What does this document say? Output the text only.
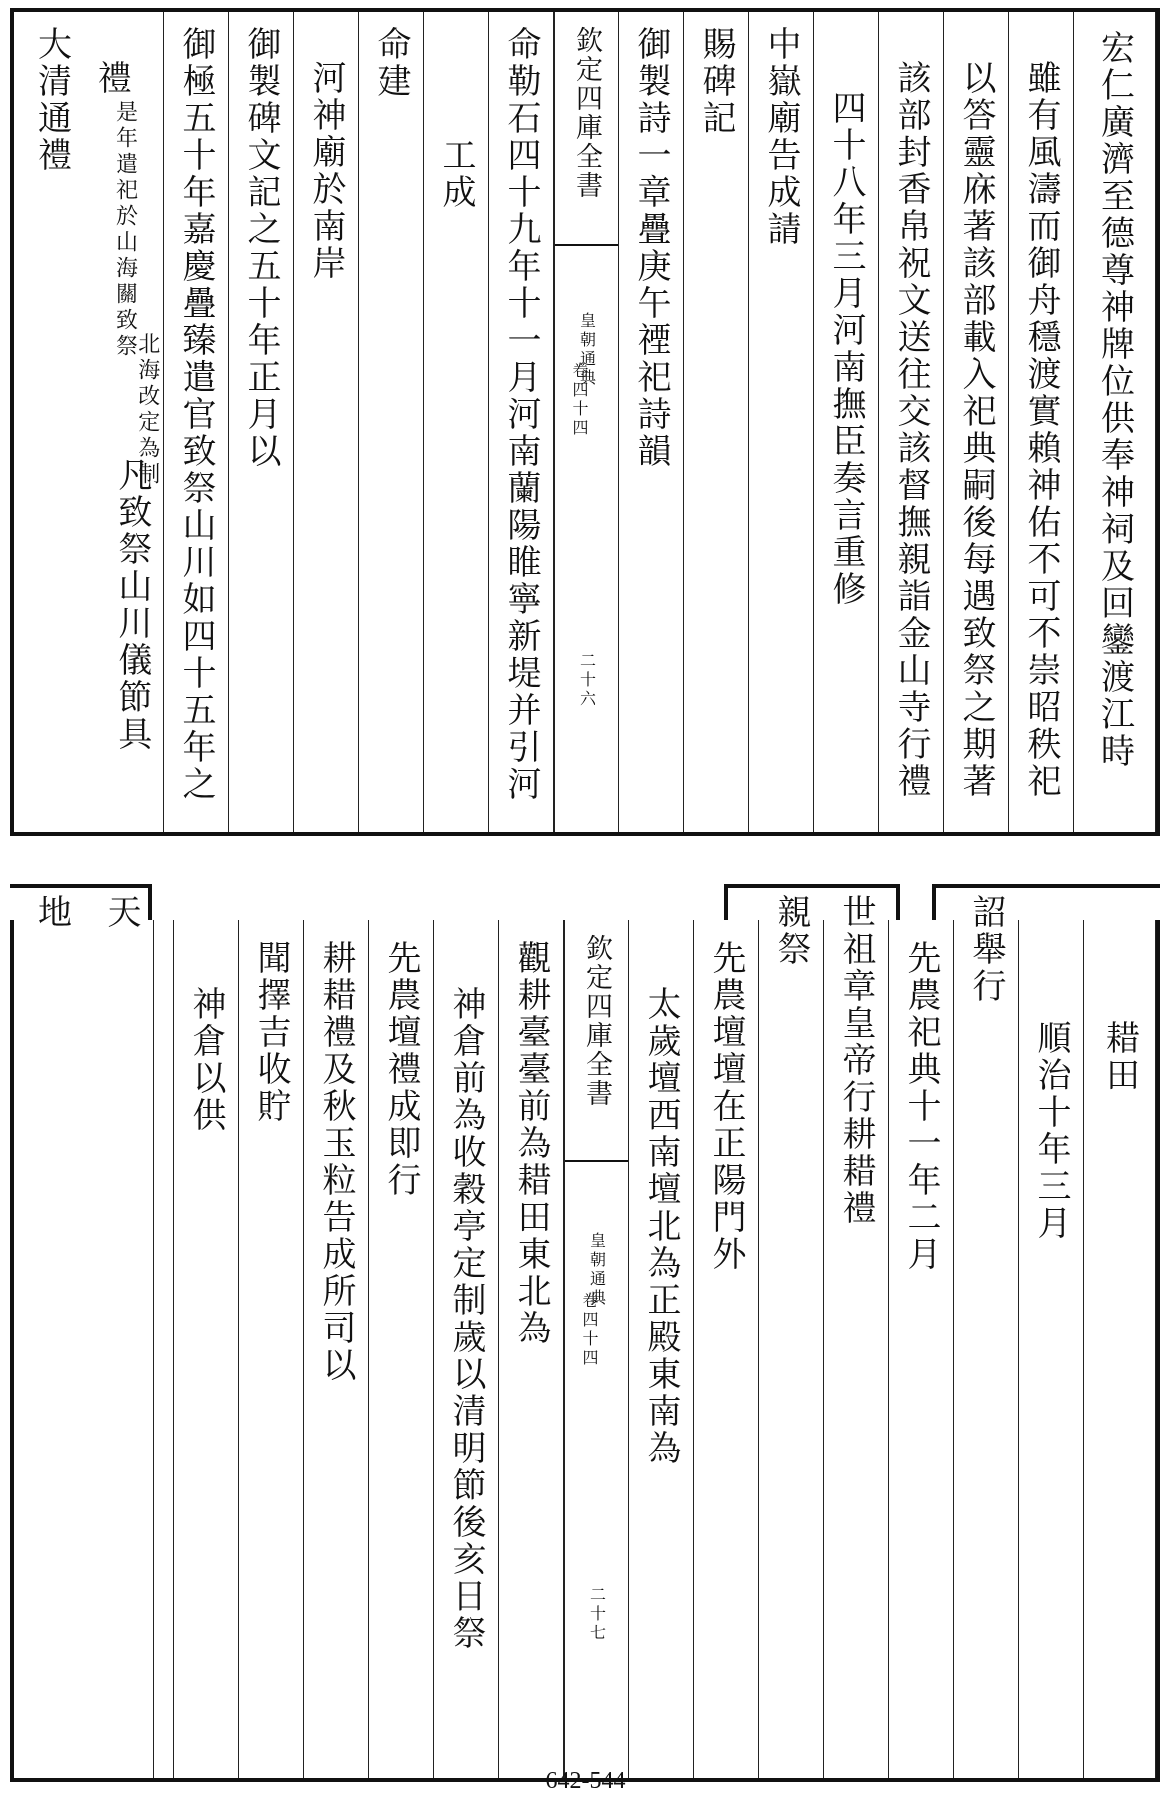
宏仁廣濟至德尊神牌位供奉神祠及回鑾渡江時
雖有風濤而御舟穩渡實賴神佑不可不崇昭秩祀
以答靈庥著該部載入祀典嗣後每遇致祭之期著
該部封香帛祝文送往交該督撫親詣金山寺行禮
四十八年三月河南撫臣奏言重修
中嶽廟告成請
賜碑記
御製詩一章疊庚午禋祀詩韻
欽定四庫全書
皇朝通典
卷四十四
二十六
命勒石四十九年十一月河南蘭陽睢寧新堤并引河
工成
命建
河神廟於南岸
御製碑文記之五十年正月以
御極五十年嘉慶疊臻遣官致祭山川如四十五年之
禮
是年遣祀於山海關致祭
北海改定為制
凡致祭山川儀節具
大清通禮
耤田
順治十年三月
詔舉行
先農祀典十一年二月
世祖章皇帝行耕耤禮
親祭
先農壇壇在正陽門外
太歲壇西南壇北為正殿東南為
欽定四庫全書
皇朝通典
卷四十四
二十七
觀耕臺臺前為耤田東北為
神倉前為收穀亭定制歲以清明節後亥日祭
先農壇禮成即行
耕耤禮及秋玉粒告成所司以
聞擇吉收貯
神倉以供
天
地
642-544
